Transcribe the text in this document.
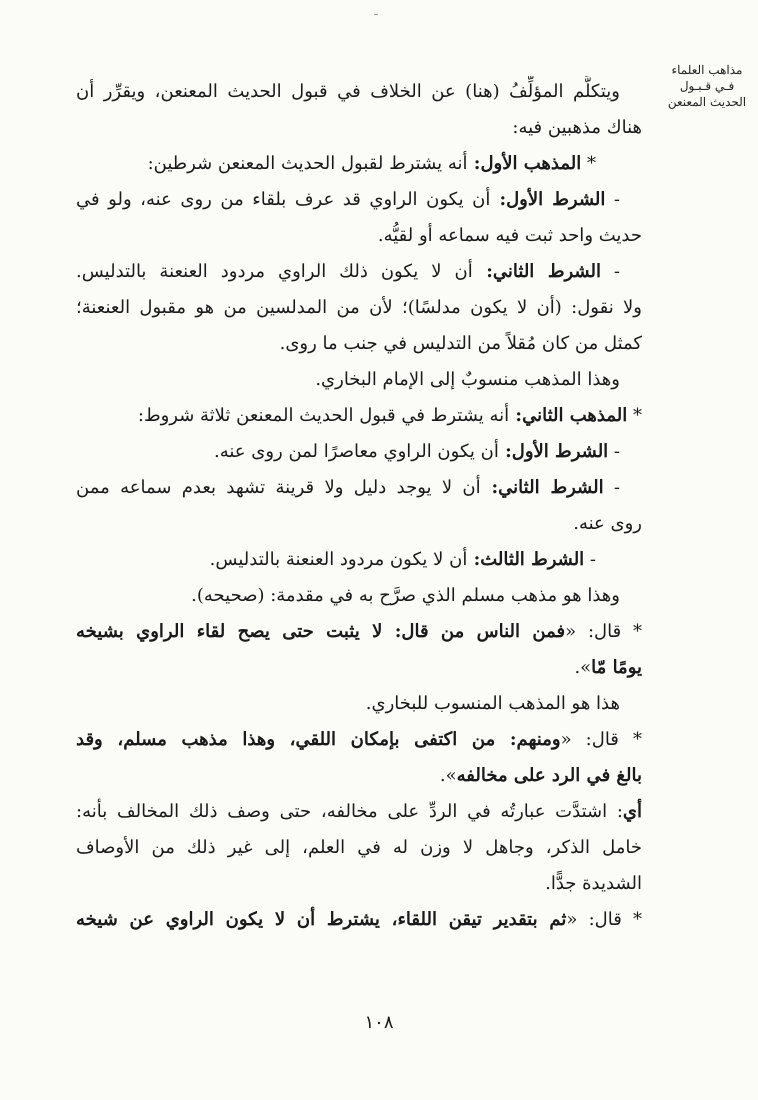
مذاهب العلماء
فـي قـبـول
الحديث المعنعن
ويتكلَّم المؤلِّفُ (هنا) عن الخلاف في قبول الحديث المعنعن، ويقرِّر أن
هناك مذهبين فيه:
* المذهب الأول: أنه يشترط لقبول الحديث المعنعن شرطين:
- الشرط الأول: أن يكون الراوي قد عرف بلقاء من روى عنه، ولو في
حديث واحد ثبت فيه سماعه أو لقيُّه.
- الشرط الثاني: أن لا يكون ذلك الراوي مردود العنعنة بالتدليس.
ولا نقول: (أن لا يكون مدلسًا)؛ لأن من المدلسين من هو مقبول العنعنة؛
كمثل من كان مُقلاً من التدليس في جنب ما روى.
وهذا المذهب منسوبٌ إلى الإمام البخاري.
* المذهب الثاني: أنه يشترط في قبول الحديث المعنعن ثلاثة شروط:
- الشرط الأول: أن يكون الراوي معاصرًا لمن روى عنه.
- الشرط الثاني: أن لا يوجد دليل ولا قرينة تشهد بعدم سماعه ممن
روى عنه.
- الشرط الثالث: أن لا يكون مردود العنعنة بالتدليس.
وهذا هو مذهب مسلم الذي صرَّح به في مقدمة: (صحيحه).
* قال: «فمن الناس من قال: لا يثبت حتى يصح لقاء الراوي بشيخه
يومًا مّا».
هذا هو المذهب المنسوب للبخاري.
* قال: «ومنهم: من اكتفى بإمكان اللقي، وهذا مذهب مسلم، وقد
بالغ في الرد على مخالفه».
أي: اشتدَّت عبارتُه في الردِّ على مخالفه، حتى وصف ذلك المخالف بأنه:
خامل الذكر، وجاهل لا وزن له في العلم، إلى غير ذلك من الأوصاف
الشديدة جدًّا.
* قال: «ثم بتقدير تيقن اللقاء، يشترط أن لا يكون الراوي عن شيخه
١٠٨
